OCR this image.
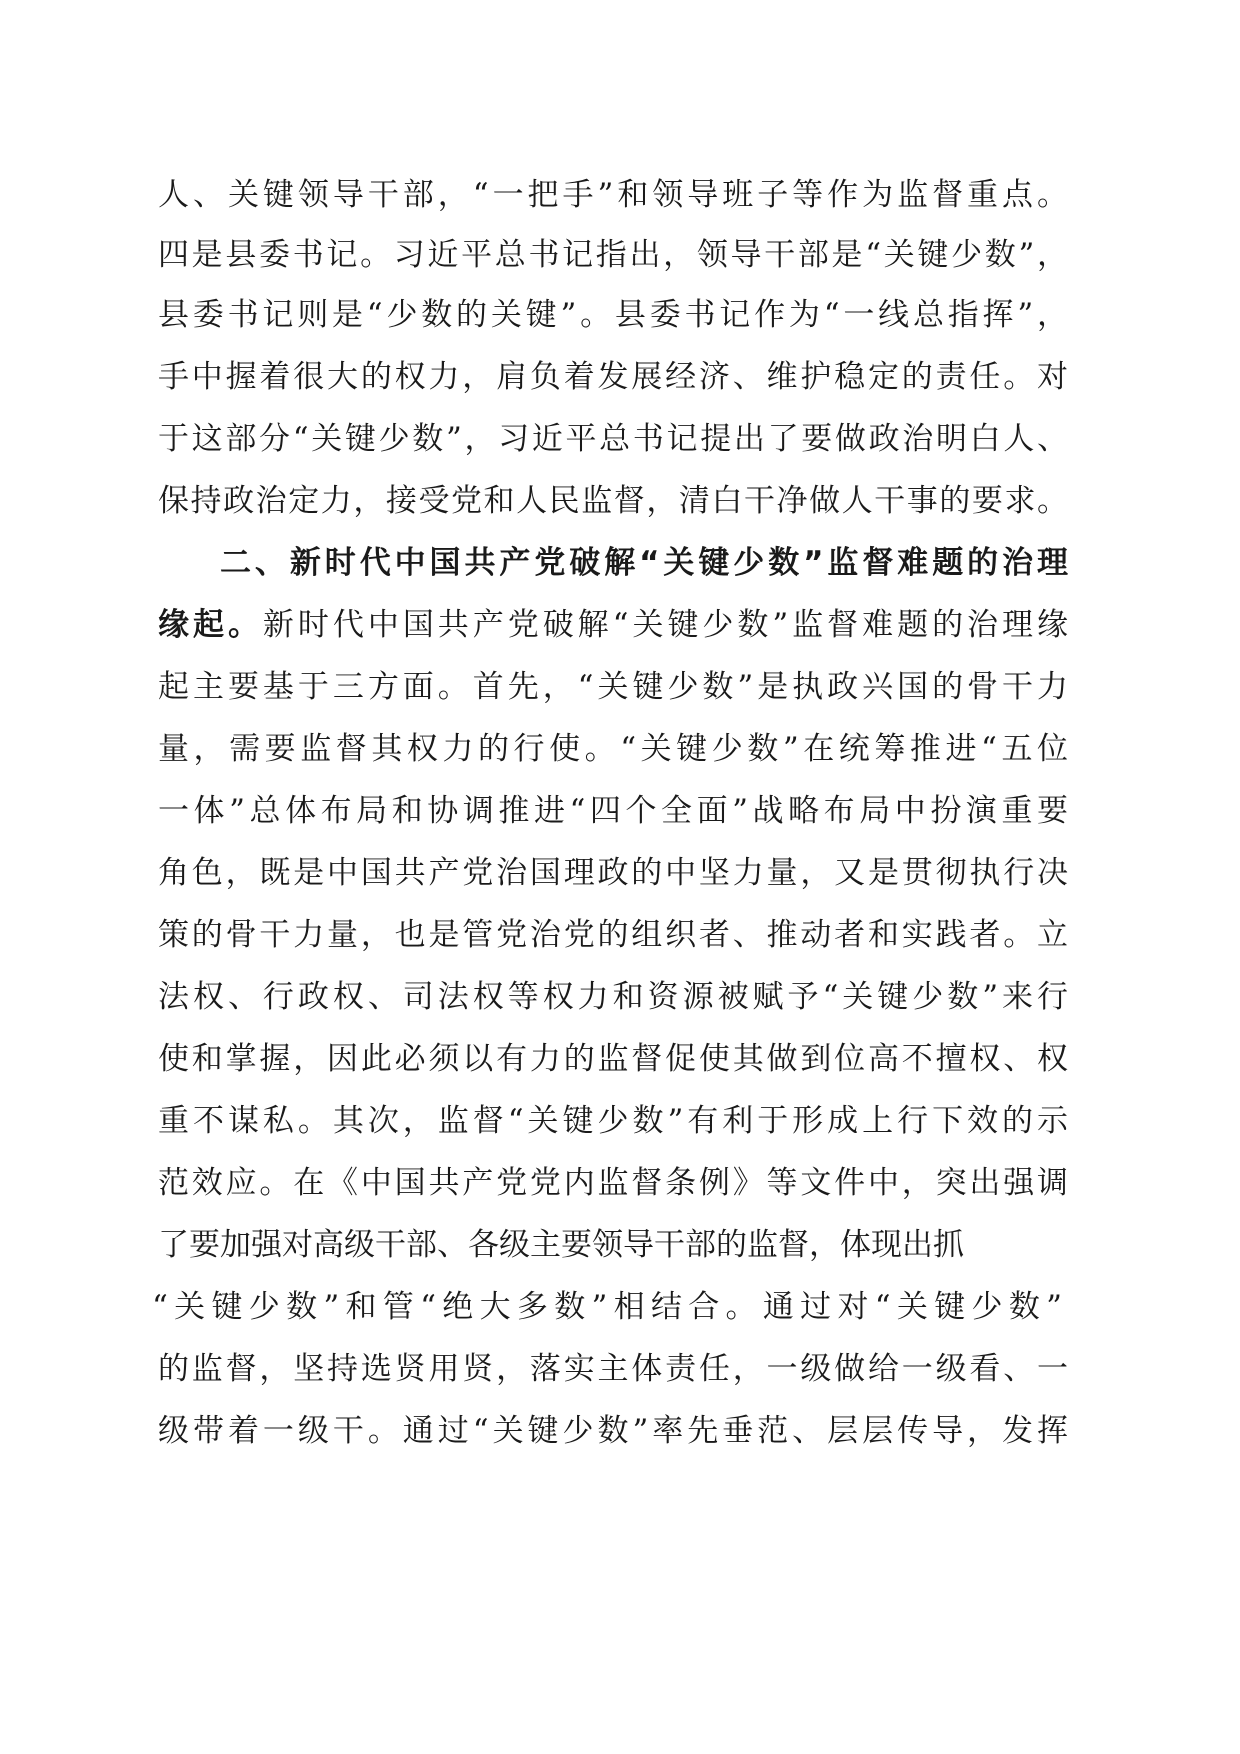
人、关键领导干部，“一把手”和领导班子等作为监督重点。
四是县委书记。习近平总书记指出，领导干部是“关键少数”，
县委书记则是“少数的关键”。县委书记作为“一线总指挥”，
手中握着很大的权力，肩负着发展经济、维护稳定的责任。对
于这部分“关键少数”，习近平总书记提出了要做政治明白人、
保持政治定力，接受党和人民监督，清白干净做人干事的要求。
二、新时代中国共产党破解“关键少数”监督难题的治理
缘起。新时代中国共产党破解“关键少数”监督难题的治理缘
起主要基于三方面。首先，“关键少数”是执政兴国的骨干力
量，需要监督其权力的行使。“关键少数”在统筹推进“五位
一体”总体布局和协调推进“四个全面”战略布局中扮演重要
角色，既是中国共产党治国理政的中坚力量，又是贯彻执行决
策的骨干力量，也是管党治党的组织者、推动者和实践者。立
法权、行政权、司法权等权力和资源被赋予“关键少数”来行
使和掌握，因此必须以有力的监督促使其做到位高不擅权、权
重不谋私。其次，监督“关键少数”有利于形成上行下效的示
范效应。在《中国共产党党内监督条例》等文件中，突出强调
了要加强对高级干部、各级主要领导干部的监督，体现出抓
“关键少数”和管“绝大多数”相结合。通过对“关键少数”
的监督，坚持选贤用贤，落实主体责任，一级做给一级看、一
级带着一级干。通过“关键少数”率先垂范、层层传导，发挥
